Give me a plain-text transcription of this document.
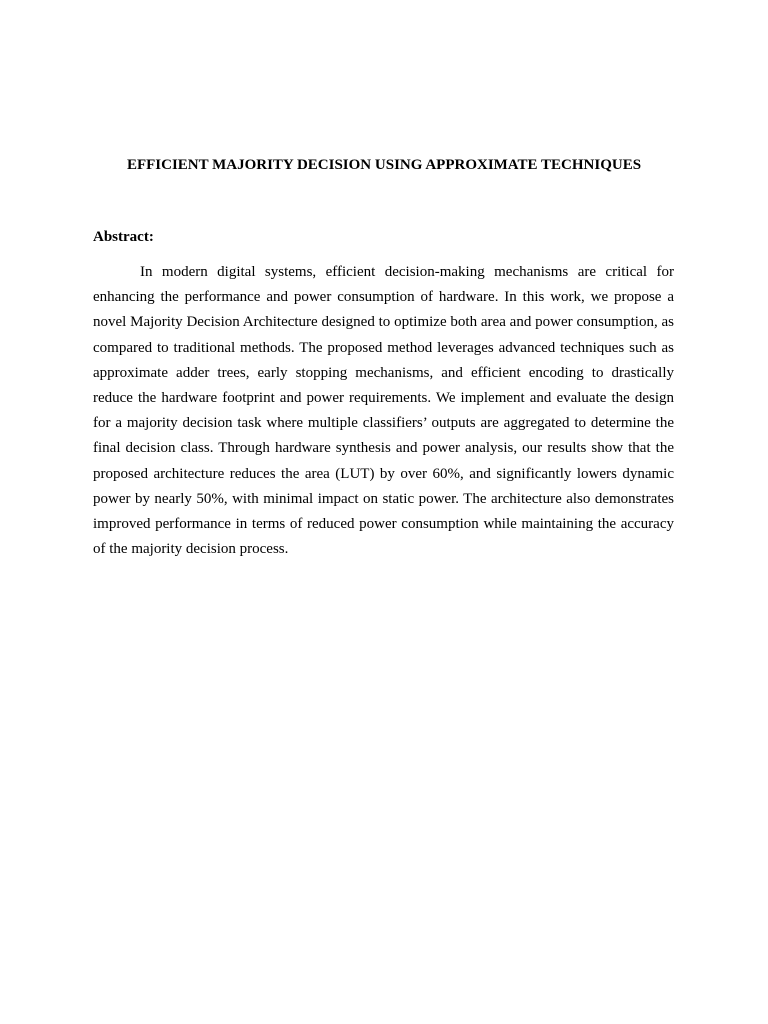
EFFICIENT MAJORITY DECISION USING APPROXIMATE TECHNIQUES
Abstract:

In modern digital systems, efficient decision-making mechanisms are critical for enhancing the performance and power consumption of hardware. In this work, we propose a novel Majority Decision Architecture designed to optimize both area and power consumption, as compared to traditional methods. The proposed method leverages advanced techniques such as approximate adder trees, early stopping mechanisms, and efficient encoding to drastically reduce the hardware footprint and power requirements. We implement and evaluate the design for a majority decision task where multiple classifiers’ outputs are aggregated to determine the final decision class. Through hardware synthesis and power analysis, our results show that the proposed architecture reduces the area (LUT) by over 60%, and significantly lowers dynamic power by nearly 50%, with minimal impact on static power. The architecture also demonstrates improved performance in terms of reduced power consumption while maintaining the accuracy of the majority decision process.
